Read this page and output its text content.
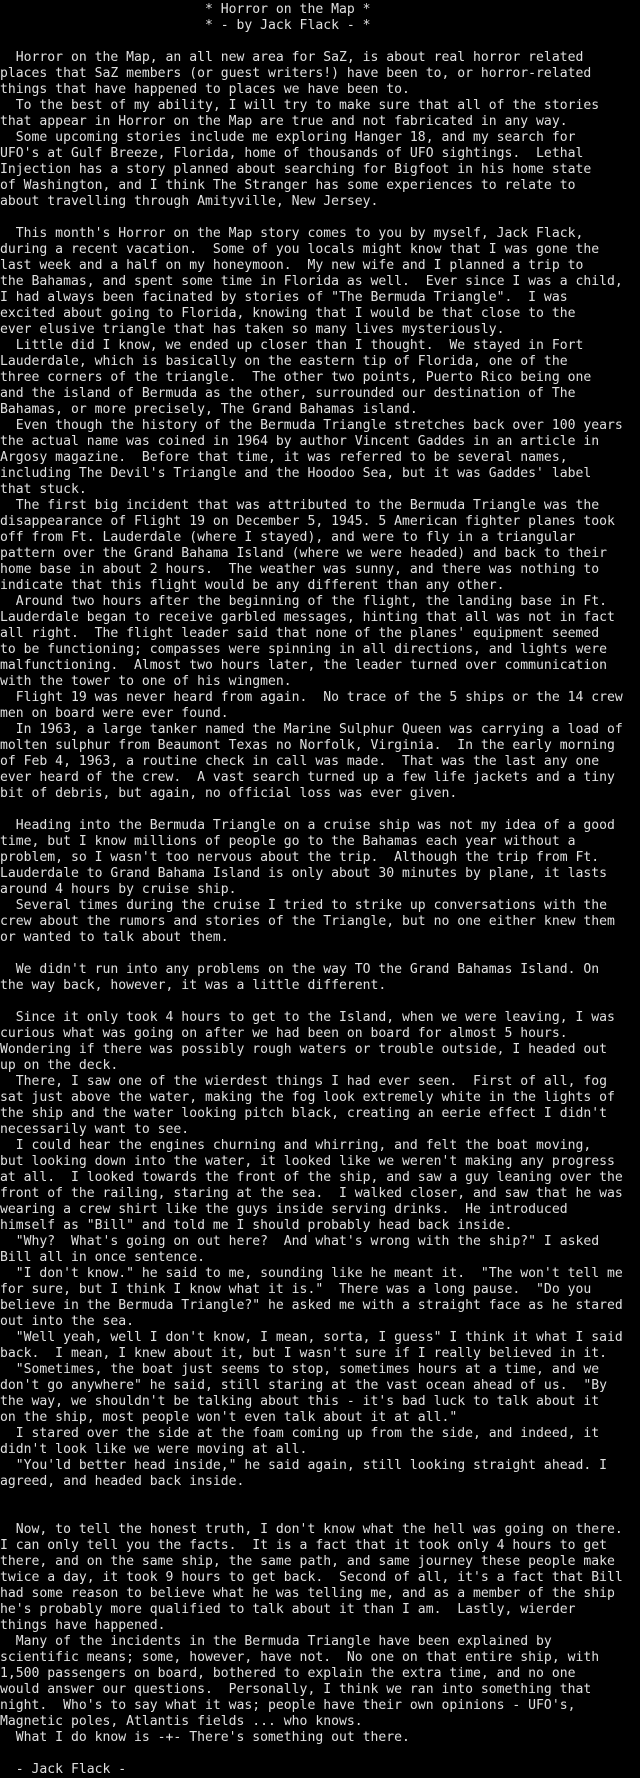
* Horror on the Map *
* - by Jack Flack - *
Horror on the Map, an all new area for SaZ, is about real horror related
places that SaZ members (or guest writers!) have been to, or horror-related
things that have happened to places we have been to.
To the best of my ability, I will try to make sure that all of the stories
that appear in Horror on the Map are true and not fabricated in any way.
Some upcoming stories include me exploring Hanger 18, and my search for
UFO's at Gulf Breeze, Florida, home of thousands of UFO sightings.  Lethal
Injection has a story planned about searching for Bigfoot in his home state
of Washington, and I think The Stranger has some experiences to relate to
about travelling through Amityville, New Jersey.
This month's Horror on the Map story comes to you by myself, Jack Flack,
during a recent vacation.  Some of you locals might know that I was gone the
last week and a half on my honeymoon.  My new wife and I planned a trip to
the Bahamas, and spent some time in Florida as well.  Ever since I was a child,
I had always been facinated by stories of "The Bermuda Triangle".  I was
excited about going to Florida, knowing that I would be that close to the
ever elusive triangle that has taken so many lives mysteriously.
Little did I know, we ended up closer than I thought.  We stayed in Fort
Lauderdale, which is basically on the eastern tip of Florida, one of the
three corners of the triangle.  The other two points, Puerto Rico being one
and the island of Bermuda as the other, surrounded our destination of The
Bahamas, or more precisely, The Grand Bahamas island.
Even though the history of the Bermuda Triangle stretches back over 100 years
the actual name was coined in 1964 by author Vincent Gaddes in an article in
Argosy magazine.  Before that time, it was referred to be several names,
including The Devil's Triangle and the Hoodoo Sea, but it was Gaddes' label
that stuck.
The first big incident that was attributed to the Bermuda Triangle was the
disappearance of Flight 19 on December 5, 1945. 5 American fighter planes took
off from Ft. Lauderdale (where I stayed), and were to fly in a triangular
pattern over the Grand Bahama Island (where we were headed) and back to their
home base in about 2 hours.  The weather was sunny, and there was nothing to
indicate that this flight would be any different than any other.
Around two hours after the beginning of the flight, the landing base in Ft.
Lauderdale began to receive garbled messages, hinting that all was not in fact
all right.  The flight leader said that none of the planes' equipment seemed
to be functioning; compasses were spinning in all directions, and lights were
malfunctioning.  Almost two hours later, the leader turned over communication
with the tower to one of his wingmen.
Flight 19 was never heard from again.  No trace of the 5 ships or the 14 crew
men on board were ever found.
In 1963, a large tanker named the Marine Sulphur Queen was carrying a load of
molten sulphur from Beaumont Texas no Norfolk, Virginia.  In the early morning
of Feb 4, 1963, a routine check in call was made.  That was the last any one
ever heard of the crew.  A vast search turned up a few life jackets and a tiny
bit of debris, but again, no official loss was ever given.
Heading into the Bermuda Triangle on a cruise ship was not my idea of a good
time, but I know millions of people go to the Bahamas each year without a
problem, so I wasn't too nervous about the trip.  Although the trip from Ft.
Lauderdale to Grand Bahama Island is only about 30 minutes by plane, it lasts
around 4 hours by cruise ship.
Several times during the cruise I tried to strike up conversations with the
crew about the rumors and stories of the Triangle, but no one either knew them
or wanted to talk about them.
We didn't run into any problems on the way TO the Grand Bahamas Island. On
the way back, however, it was a little different.
Since it only took 4 hours to get to the Island, when we were leaving, I was
curious what was going on after we had been on board for almost 5 hours.
Wondering if there was possibly rough waters or trouble outside, I headed out
up on the deck.
There, I saw one of the wierdest things I had ever seen.  First of all, fog
sat just above the water, making the fog look extremely white in the lights of
the ship and the water looking pitch black, creating an eerie effect I didn't
necessarily want to see.
I could hear the engines churning and whirring, and felt the boat moving,
but looking down into the water, it looked like we weren't making any progress
at all.  I looked towards the front of the ship, and saw a guy leaning over the
front of the railing, staring at the sea.  I walked closer, and saw that he was
wearing a crew shirt like the guys inside serving drinks.  He introduced
himself as "Bill" and told me I should probably head back inside.
"Why?  What's going on out here?  And what's wrong with the ship?" I asked
Bill all in once sentence.
"I don't know." he said to me, sounding like he meant it.  "The won't tell me
for sure, but I think I know what it is."  There was a long pause.  "Do you
believe in the Bermuda Triangle?" he asked me with a straight face as he stared
out into the sea.
"Well yeah, well I don't know, I mean, sorta, I guess" I think it what I said
back.  I mean, I knew about it, but I wasn't sure if I really believed in it.
"Sometimes, the boat just seems to stop, sometimes hours at a time, and we
don't go anywhere" he said, still staring at the vast ocean ahead of us.  "By
the way, we shouldn't be talking about this - it's bad luck to talk about it
on the ship, most people won't even talk about it at all."
I stared over the side at the foam coming up from the side, and indeed, it
didn't look like we were moving at all.
"You'ld better head inside," he said again, still looking straight ahead. I
agreed, and headed back inside.
Now, to tell the honest truth, I don't know what the hell was going on there.
I can only tell you the facts.  It is a fact that it took only 4 hours to get
there, and on the same ship, the same path, and same journey these people make
twice a day, it took 9 hours to get back.  Second of all, it's a fact that Bill
had some reason to believe what he was telling me, and as a member of the ship
he's probably more qualified to talk about it than I am.  Lastly, wierder
things have happened.
Many of the incidents in the Bermuda Triangle have been explained by
scientific means; some, however, have not.  No one on that entire ship, with
1,500 passengers on board, bothered to explain the extra time, and no one
would answer our questions.  Personally, I think we ran into something that
night.  Who's to say what it was; people have their own opinions - UFO's,
Magnetic poles, Atlantis fields ... who knows.
What I do know is -+- There's something out there.
- Jack Flack -
